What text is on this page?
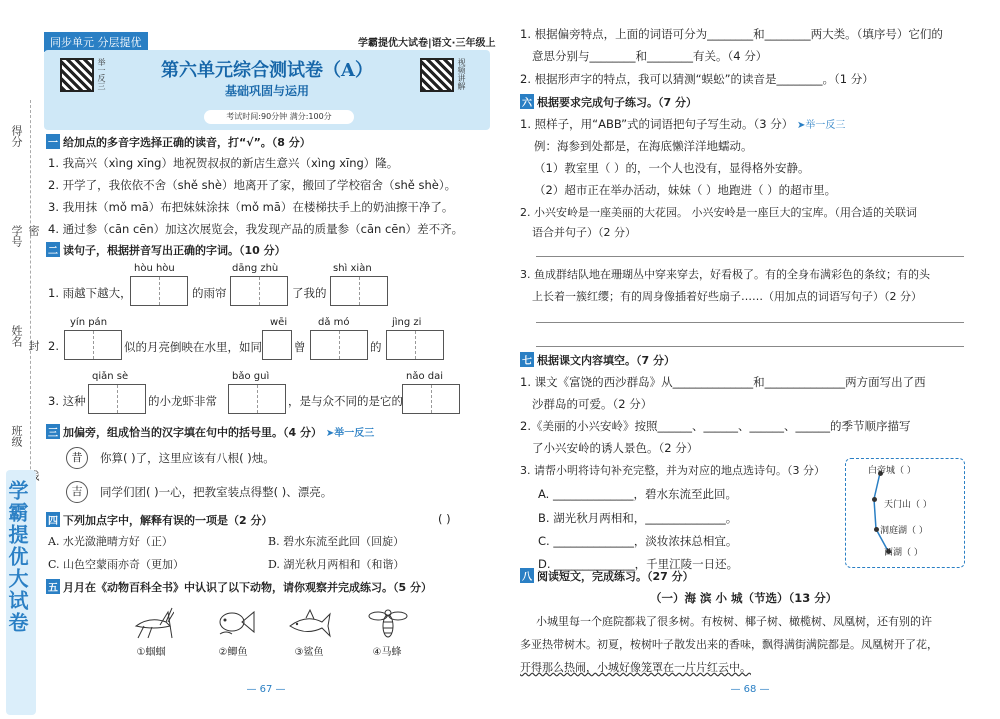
得分
学号
姓名
班级
密
封
学霸提优大试卷
同步单元 分层提优	学霸提优大试卷|语文·三年级上
举一反三	视频讲解
第六单元综合测试卷（A）
基础巩固与运用
考试时间:90分钟 满分:100分
一 给加点的多音字选择正确的读音，打“√”。（8 分）
1. 我高兴（xìng xīng）地祝贺叔叔的新店生意兴（xìng xīng）隆。
2. 开学了，我依依不舍（shě shè）地离开了家，搬回了学校宿舍（shě shè）。
3. 我用抹（mǒ mā）布把妹妹涂抹（mǒ mā）在楼梯扶手上的奶油擦干净了。
4. 通过参（cān cēn）加这次展览会，我发现产品的质量参（cān cēn）差不齐。
二 读句子，根据拼音写出正确的字词。（10 分）
hòu hòu	dāng zhù	shì xiàn
1. 雨越下越大，	的雨帘	了我的
yín pán	wēi	dǎ mó	jìng zi
2.	似的月亮倒映在水里，如同	曾	的
qiǎn sè	bǎo guì	nǎo dai
3. 这种	的小龙虾非常	，是与众不同的是它的
三 加偏旁，组成恰当的汉字填在句中的括号里。（4 分） ➤举一反三
昔	你算( )了，这里应该有八根( )烛。
吉	同学们团( )一心，把教室装点得整( )、漂亮。
四 下列加点字中，解释有误的一项是（2 分）	( )
A. 水光潋滟晴方好（正）	B. 碧水东流至此回（回旋）
C. 山色空蒙雨亦奇（更加）	D. 湖光秋月两相和（和谐）
五 月月在《动物百科全书》中认识了以下动物，请你观察并完成练习。（5 分）
①蝈蝈	②鲫鱼	③鲨鱼	④马蜂
— 67 —
1. 根据偏旁特点，上面的词语可分为________和________两大类。（填序号）它们的
意思分别与________和________有关。（4 分）
2. 根据形声字的特点，我可以猜测“蜈蚣”的读音是________。（1 分）
六 根据要求完成句子练习。（7 分）
1. 照样子，用“ABB”式的词语把句子写生动。（3 分） ➤举一反三
例：海参到处都是，在海底懒洋洋地蠕动。
（1）教室里（ ）的，一个人也没有，显得格外安静。
（2）超市正在举办活动，妹妹（ ）地跑进（ ）的超市里。
2. 小兴安岭是一座美丽的大花园。 小兴安岭是一座巨大的宝库。（用合适的关联词
语合并句子）（2 分）
3. 鱼成群结队地在珊瑚丛中穿来穿去，好看极了。有的全身布满彩色的条纹；有的头
上长着一簇红缨；有的周身像插着好些扇子……（用加点的词语写句子）（2 分）
七 根据课文内容填空。（7 分）
1. 课文《富饶的西沙群岛》从______________和______________两方面写出了西
沙群岛的可爱。（2 分）
2.《美丽的小兴安岭》按照______、______、______、______的季节顺序描写
了小兴安岭的诱人景色。（2 分）
3. 请帮小明将诗句补充完整，并为对应的地点选诗句。（3 分）
A. ______________，碧水东流至此回。
B. 湖光秋月两相和，______________。
C. ______________，淡妆浓抹总相宜。
D. ______________，千里江陵一日还。
白帝城（ ）
天门山（ ）
洞庭湖（ ）
西湖（ ）
八 阅读短文，完成练习。（27 分）
（一）海 滨 小 城（节选）（13 分）
小城里每一个庭院都栽了很多树。有桉树、椰子树、橄榄树、凤凰树，还有别的许
多亚热带树木。初夏，桉树叶子散发出来的香味，飘得满街满院都是。凤凰树开了花，
开得那么热闹，小城好像笼罩在一片片红云中。
— 68 —
